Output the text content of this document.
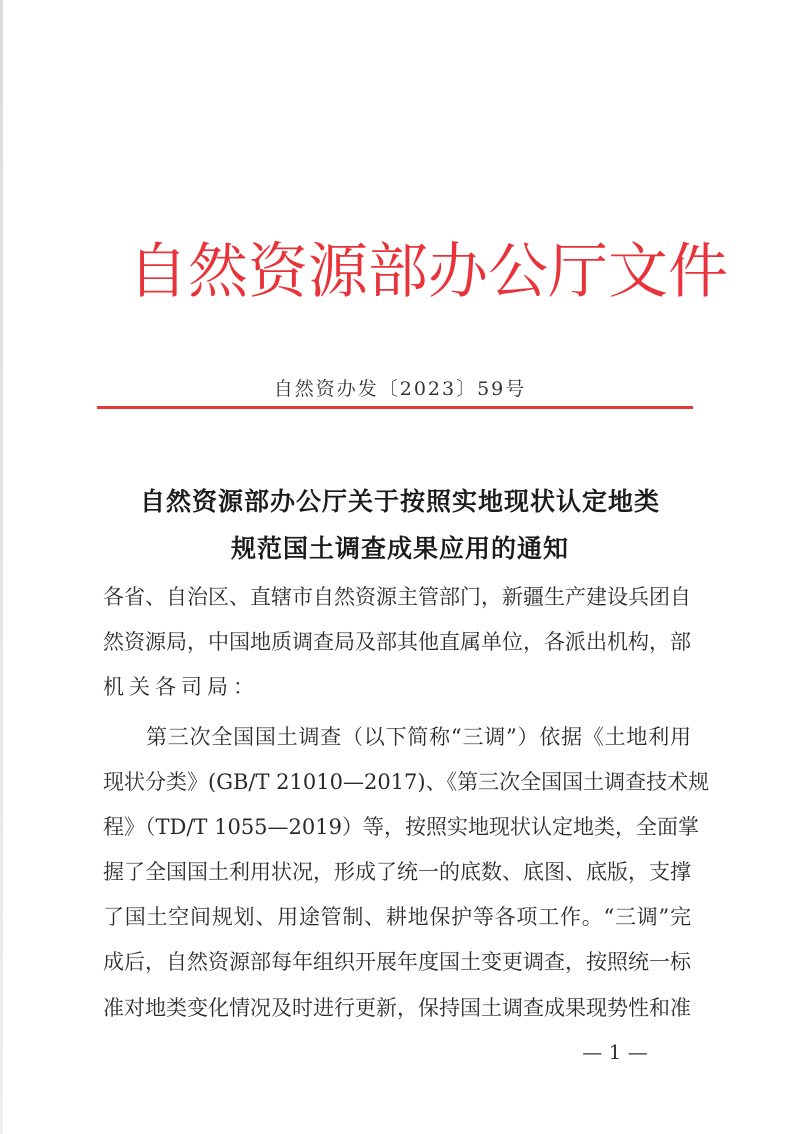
自然资源部办公厅文件
自然资办发〔2023〕59号
自然资源部办公厅关于按照实地现状认定地类
规范国土调查成果应用的通知
各省、自治区、直辖市自然资源主管部门，新疆生产建设兵团自
然资源局，中国地质调查局及部其他直属单位，各派出机构，部
机关各司局：
第三次全国国土调查（以下简称“三调”）依据《土地利用
现状分类》(GB/T 21010—2017)、《第三次全国国土调查技术规
程》（TD/T 1055—2019）等，按照实地现状认定地类，全面掌
握了全国国土利用状况，形成了统一的底数、底图、底版，支撑
了国土空间规划、用途管制、耕地保护等各项工作。“三调”完
成后，自然资源部每年组织开展年度国土变更调查，按照统一标
准对地类变化情况及时进行更新，保持国土调查成果现势性和准
— 1 —
